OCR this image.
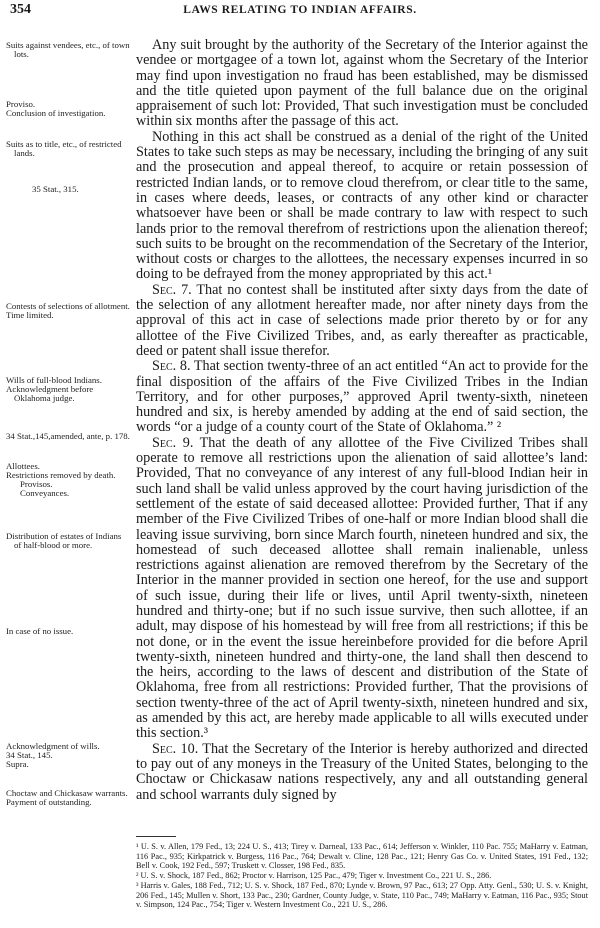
354	LAWS RELATING TO INDIAN AFFAIRS.
Suits against vendees, etc., of town lots.
Proviso.
Conclusion of investigation.
Suits as to title, etc., of restricted lands.
35 Stat., 315.
Contests of selections of allotment.
Time limited.
Wills of full-blood Indians.
Acknowledgment before Oklahoma judge.
34 Stat.,145,amended, ante, p. 178.
Allottees.
Restrictions removed by death.
Provisos.
Conveyances.
Distribution of estates of Indians of half-blood or more.
In case of no issue.
Acknowledgment of wills.
34 Stat., 145.
Supra.
Choctaw and Chickasaw warrants.
Payment of outstanding.

Any suit brought by the authority of the Secretary of the Interior against the vendee or mortgagee of a town lot, against whom the Secretary of the Interior may find upon investigation no fraud has been established, may be dismissed and the title quieted upon payment of the full balance due on the original appraisement of such lot: Provided, That such investigation must be concluded within six months after the passage of this act.

Nothing in this act shall be construed as a denial of the right of the United States to take such steps as may be necessary, including the bringing of any suit and the prosecution and appeal thereof, to acquire or retain possession of restricted Indian lands, or to remove cloud therefrom, or clear title to the same, in cases where deeds, leases, or contracts of any other kind or character whatsoever have been or shall be made contrary to law with respect to such lands prior to the removal therefrom of restrictions upon the alienation thereof; such suits to be brought on the recommendation of the Secretary of the Interior, without costs or charges to the allottees, the necessary expenses incurred in so doing to be defrayed from the money appropriated by this act.¹

Sec. 7. That no contest shall be instituted after sixty days from the date of the selection of any allotment hereafter made, nor after ninety days from the approval of this act in case of selections made prior thereto by or for any allottee of the Five Civilized Tribes, and, as early thereafter as practicable, deed or patent shall issue therefor.

Sec. 8. That section twenty-three of an act entitled “An act to provide for the final disposition of the affairs of the Five Civilized Tribes in the Indian Territory, and for other purposes,” approved April twenty-sixth, nineteen hundred and six, is hereby amended by adding at the end of said section, the words “or a judge of a county court of the State of Oklahoma.” ²

Sec. 9. That the death of any allottee of the Five Civilized Tribes shall operate to remove all restrictions upon the alienation of said allottee’s land: Provided, That no conveyance of any interest of any full-blood Indian heir in such land shall be valid unless approved by the court having jurisdiction of the settlement of the estate of said deceased allottee: Provided further, That if any member of the Five Civilized Tribes of one-half or more Indian blood shall die leaving issue surviving, born since March fourth, nineteen hundred and six, the homestead of such deceased allottee shall remain inalienable, unless restrictions against alienation are removed therefrom by the Secretary of the Interior in the manner provided in section one hereof, for the use and support of such issue, during their life or lives, until April twenty-sixth, nineteen hundred and thirty-one; but if no such issue survive, then such allottee, if an adult, may dispose of his homestead by will free from all restrictions; if this be not done, or in the event the issue hereinbefore provided for die before April twenty-sixth, nineteen hundred and thirty-one, the land shall then descend to the heirs, according to the laws of descent and distribution of the State of Oklahoma, free from all restrictions: Provided further, That the provisions of section twenty-three of the act of April twenty-sixth, nineteen hundred and six, as amended by this act, are hereby made applicable to all wills executed under this section.³

Sec. 10. That the Secretary of the Interior is hereby authorized and directed to pay out of any moneys in the Treasury of the United States, belonging to the Choctaw or Chickasaw nations respectively, any and all outstanding general and school warrants duly signed by

¹ U. S. v. Allen, 179 Fed., 13; 224 U. S., 413; Tirey v. Darneal, 133 Pac., 614; Jefferson v. Winkler, 110 Pac. 755; MaHarry v. Eatman, 116 Pac., 935; Kirkpatrick v. Burgess, 116 Pac., 764; Dewalt v. Cline, 128 Pac., 121; Henry Gas Co. v. United States, 191 Fed., 132; Bell v. Cook, 192 Fed., 597; Truskett v. Closser, 198 Fed., 835.

² U. S. v. Shock, 187 Fed., 862; Proctor v. Harrison, 125 Pac., 479; Tiger v. Investment Co., 221 U. S., 286.

³ Harris v. Gales, 188 Fed., 712; U. S. v. Shock, 187 Fed., 870; Lynde v. Brown, 97 Pac., 613; 27 Opp. Atty. Genl., 530; U. S. v. Knight, 206 Fed., 145; Mullen v. Short, 133 Pac., 230; Gardner, County Judge, v. State, 110 Pac., 749; MaHarry v. Eatman, 116 Pac., 935; Stout v. Simpson, 124 Pac., 754; Tiger v. Western Investment Co., 221 U. S., 286.
